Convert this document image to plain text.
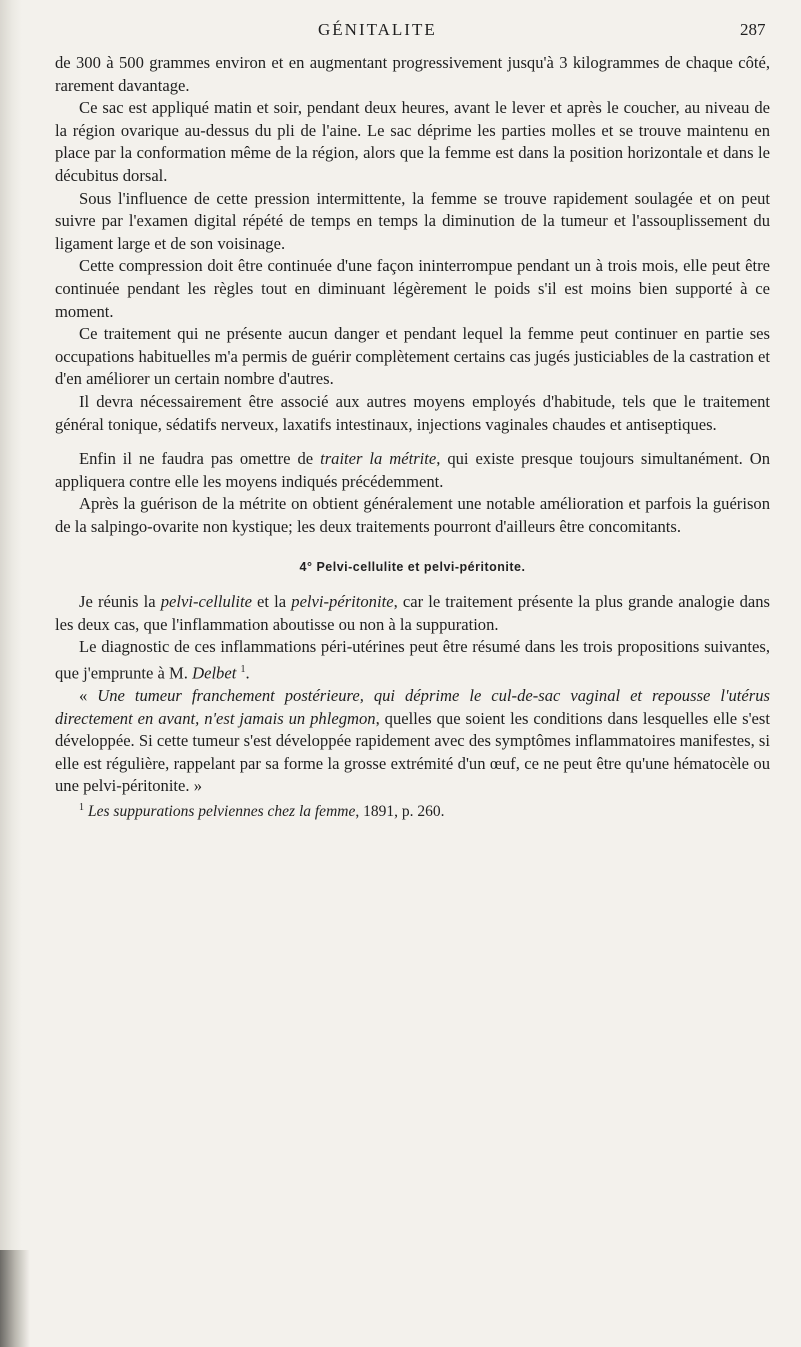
GÉNITALITE	287

de 300 à 500 grammes environ et en augmentant progressivement jusqu'à 3 kilogrammes de chaque côté, rarement davantage.

Ce sac est appliqué matin et soir, pendant deux heures, avant le lever et après le coucher, au niveau de la région ovarique au-dessus du pli de l'aine. Le sac déprime les parties molles et se trouve maintenu en place par la conformation même de la région, alors que la femme est dans la position horizontale et dans le décubitus dorsal.

Sous l'influence de cette pression intermittente, la femme se trouve rapidement soulagée et on peut suivre par l'examen digital répété de temps en temps la diminution de la tumeur et l'assouplissement du ligament large et de son voisinage.

Cette compression doit être continuée d'une façon ininterrompue pendant un à trois mois, elle peut être continuée pendant les règles tout en diminuant légèrement le poids s'il est moins bien supporté à ce moment.

Ce traitement qui ne présente aucun danger et pendant lequel la femme peut continuer en partie ses occupations habituelles m'a permis de guérir complètement certains cas jugés justiciables de la castration et d'en améliorer un certain nombre d'autres.

Il devra nécessairement être associé aux autres moyens employés d'habitude, tels que le traitement général tonique, sédatifs nerveux, laxatifs intestinaux, injections vaginales chaudes et antiseptiques.

Enfin il ne faudra pas omettre de traiter la métrite, qui existe presque toujours simultanément. On appliquera contre elle les moyens indiqués précédemment.

Après la guérison de la métrite on obtient généralement une notable amélioration et parfois la guérison de la salpingo-ovarite non kystique; les deux traitements pourront d'ailleurs être concomitants.

4° Pelvi-cellulite et pelvi-péritonite.

Je réunis la pelvi-cellulite et la pelvi-péritonite, car le traitement présente la plus grande analogie dans les deux cas, que l'inflammation aboutisse ou non à la suppuration.

Le diagnostic de ces inflammations péri-utérines peut être résumé dans les trois propositions suivantes, que j'emprunte à M. Delbet $^1$.

« Une tumeur franchement postérieure, qui déprime le cul-de-sac vaginal et repousse l'utérus directement en avant, n'est jamais un phlegmon, quelles que soient les conditions dans lesquelles elle s'est développée. Si cette tumeur s'est développée rapidement avec des symptômes inflammatoires manifestes, si elle est régulière, rappelant par sa forme la grosse extrémité d'un œuf, ce ne peut être qu'une hématocèle ou une pelvi-péritonite. »

$^1$ Les suppurations pelviennes chez la femme, 1891, p. 260.
